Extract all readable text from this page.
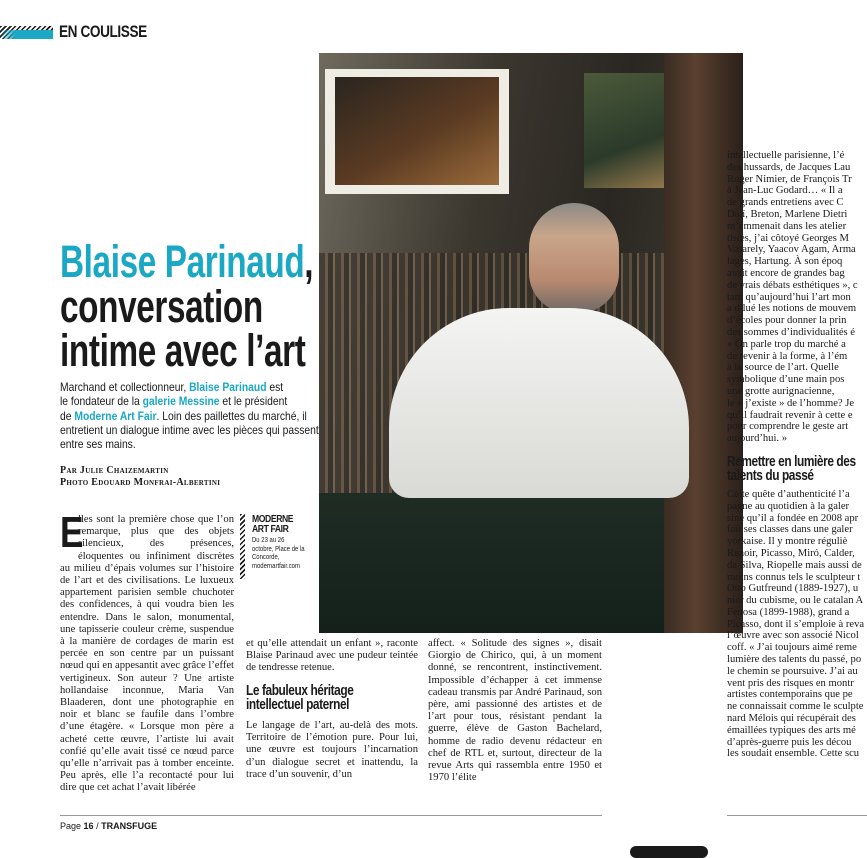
EN COULISSE
Blaise Parinaud,
conversation
intime avec l’art
Marchand et collectionneur, Blaise Parinaud est
le fondateur de la galerie Messine et le président
de Moderne Art Fair. Loin des paillettes du marché, il
entretient un dialogue intime avec les pièces qui passent
entre ses mains.
Par Julie Chaizemartin
Photo Edouard Monfrai-Albertini
MODERNE ART FAIR
Du 23 au 26 octobre, Place de la Concorde, modernartfair.com
E

lles sont la première chose que l’on remarque, plus que des objets silencieux, des présences, éloquentes ou infiniment discrètes au milieu d’épais volumes sur l’histoire de l’art et des civilisations. Le luxueux appartement parisien semble chuchoter des confidences, à qui voudra bien les entendre. Dans le salon, monumental, une tapisserie couleur crème, suspendue à la manière de cordages de marin est percée en son centre par un puissant nœud qui en appesantit avec grâce l’effet vertigineux. Son auteur ? Une artiste hollandaise inconnue, Maria Van Blaaderen, dont une photographie en noir et blanc se faufile dans l’ombre d’une étagère. « Lorsque mon père a acheté cette œuvre, l’artiste lui avait confié qu’elle avait tissé ce nœud parce qu’elle n’arrivait pas à tomber enceinte. Peu après, elle l’a recontacté pour lui dire que cet achat l’avait libérée

et qu’elle attendait un enfant », raconte Blaise Parinaud avec une pudeur teintée de tendresse retenue.

Le fabuleux héritage intellectuel paternel

Le langage de l’art, au-delà des mots. Territoire de l’émotion pure. Pour lui, une œuvre est toujours l’incarnation d’un dialogue secret et inattendu, la trace d’un souvenir, d’un

affect. « Solitude des signes », disait Giorgio de Chirico, qui, à un moment donné, se rencontrent, instinctivement. Impossible d’échapper à cet immense cadeau transmis par André Parinaud, son père, ami passionné des artistes et de l’art pour tous, résistant pendant la guerre, élève de Gaston Bachelard, homme de radio devenu rédacteur en chef de RTL et, surtout, directeur de la revue Arts qui rassembla entre 1950 et 1970 l’élite

intellectuelle parisienne, l’é
des hussards, de Jacques Lau
Roger Nimier, de François Tr
à Jean-Luc Godard… « Il a
de grands entretiens avec C
Dalí, Breton, Marlene Dietri
m’emmenait dans les atelier
tistes, j’ai côtoyé Georges M
Vasarely, Yaacov Agam, Arma
lages, Hartung. À son époq
avait encore de grandes bag
de vrais débats esthétiques », c
tant qu’aujourd’hui l’art mon
a dilué les notions de mouvem
d’écoles pour donner la prin
des sommes d’individualités é
« On parle trop du marché a
de revenir à la forme, à l’ém
à la source de l’art. Quelle
symbolique d’une main pos
une grotte aurignacienne,
le « j’existe » de l’homme? Je
qu’il faudrait revenir à cette e
pour comprendre le geste art
aujourd’hui. »
Remettre en lumière des talents du passé
Cette quête d’authenticité l’a
pagne au quotidien à la galer
sine qu’il a fondée en 2008 apr
fait ses classes dans une galer
yorkaise. Il y montre réguliè
Renoir, Picasso, Miró, Calder,
da Silva, Riopelle mais aussi de
moins connus tels le sculpteur t
Otto Gutfreund (1889-1927), u
nier du cubisme, ou le catalan A
Fenosa (1899-1988), grand a
Picasso, dont il s’emploie à reva
l’œuvre avec son associé Nicol
coff. « J’ai toujours aimé reme
lumière des talents du passé, po
le chemin se poursuive. J’ai au
vent pris des risques en montr
artistes contemporains que pe
ne connaissait comme le sculpte
nard Mélois qui récupérait des
émaillées typiques des arts mé
d’après-guerre puis les décou
les soudait ensemble. Cette scu
Page 16 / TRANSFUGE
